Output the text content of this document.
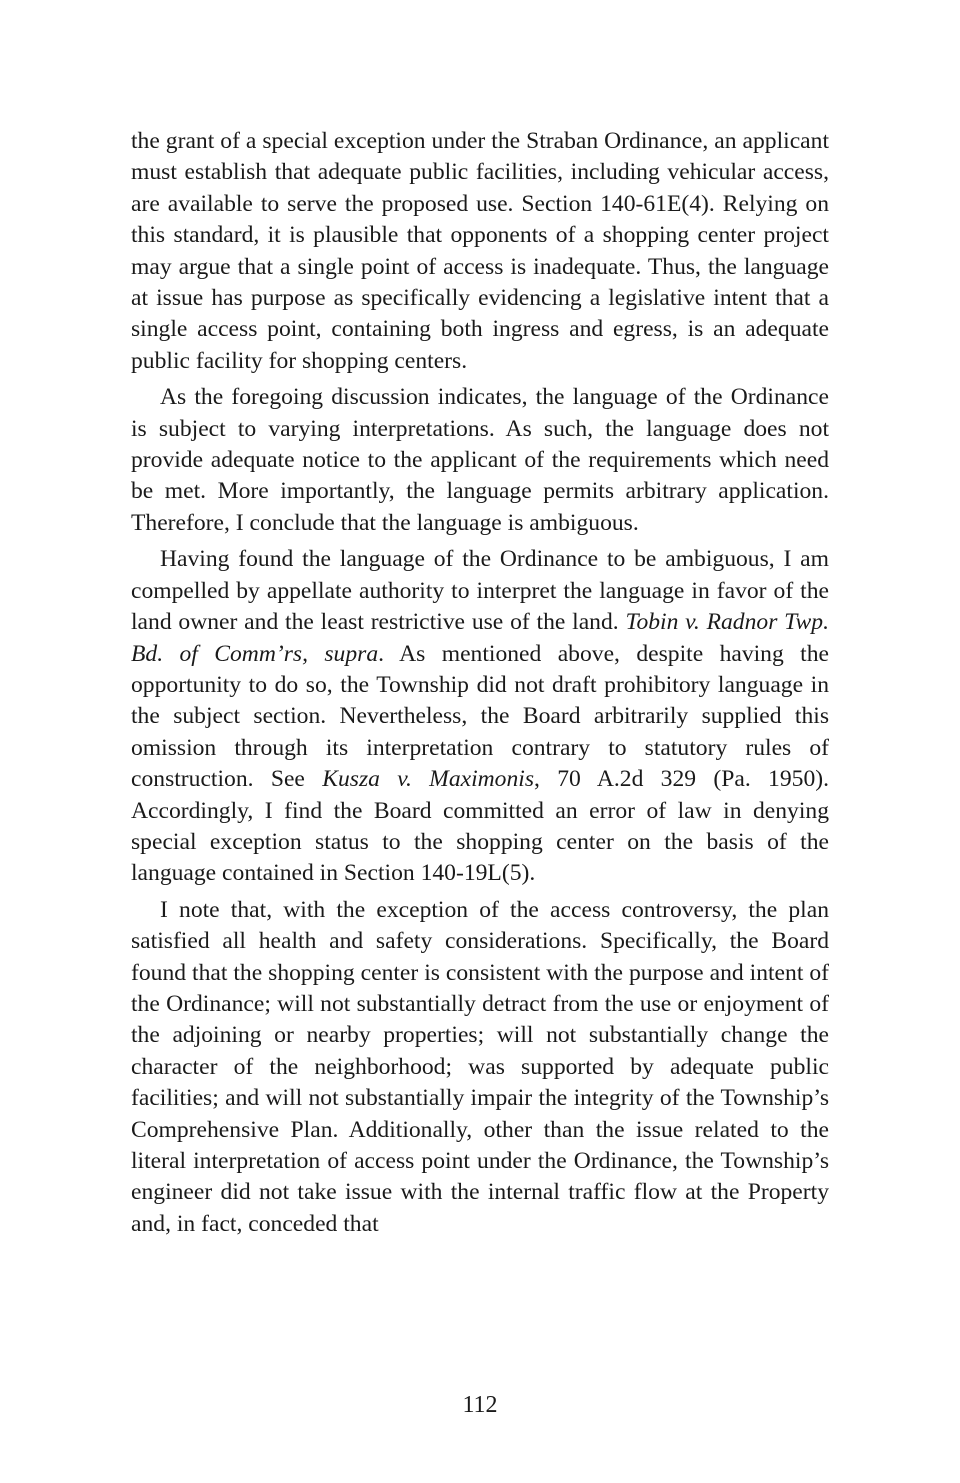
the grant of a special exception under the Straban Ordinance, an applicant must establish that adequate public facilities, including vehicular access, are available to serve the proposed use. Section 140-61E(4). Relying on this standard, it is plausible that opponents of a shopping center project may argue that a single point of access is inadequate. Thus, the language at issue has purpose as specifically evidencing a legislative intent that a single access point, containing both ingress and egress, is an adequate public facility for shopping centers.

As the foregoing discussion indicates, the language of the Ordinance is subject to varying interpretations. As such, the language does not provide adequate notice to the applicant of the requirements which need be met. More importantly, the language permits arbitrary application. Therefore, I conclude that the language is ambiguous.

Having found the language of the Ordinance to be ambiguous, I am compelled by appellate authority to interpret the language in favor of the land owner and the least restrictive use of the land. Tobin v. Radnor Twp. Bd. of Comm’rs, supra. As mentioned above, despite having the opportunity to do so, the Township did not draft prohibitory language in the subject section. Nevertheless, the Board arbitrarily supplied this omission through its interpretation contrary to statutory rules of construction. See Kusza v. Maximonis, 70 A.2d 329 (Pa. 1950). Accordingly, I find the Board committed an error of law in denying special exception status to the shopping center on the basis of the language contained in Section 140-19L(5).

I note that, with the exception of the access controversy, the plan satisfied all health and safety considerations. Specifically, the Board found that the shopping center is consistent with the purpose and intent of the Ordinance; will not substantially detract from the use or enjoyment of the adjoining or nearby properties; will not substantially change the character of the neighborhood; was supported by adequate public facilities; and will not substantially impair the integrity of the Township’s Comprehensive Plan. Additionally, other than the issue related to the literal interpretation of access point under the Ordinance, the Township’s engineer did not take issue with the internal traffic flow at the Property and, in fact, conceded that

112
